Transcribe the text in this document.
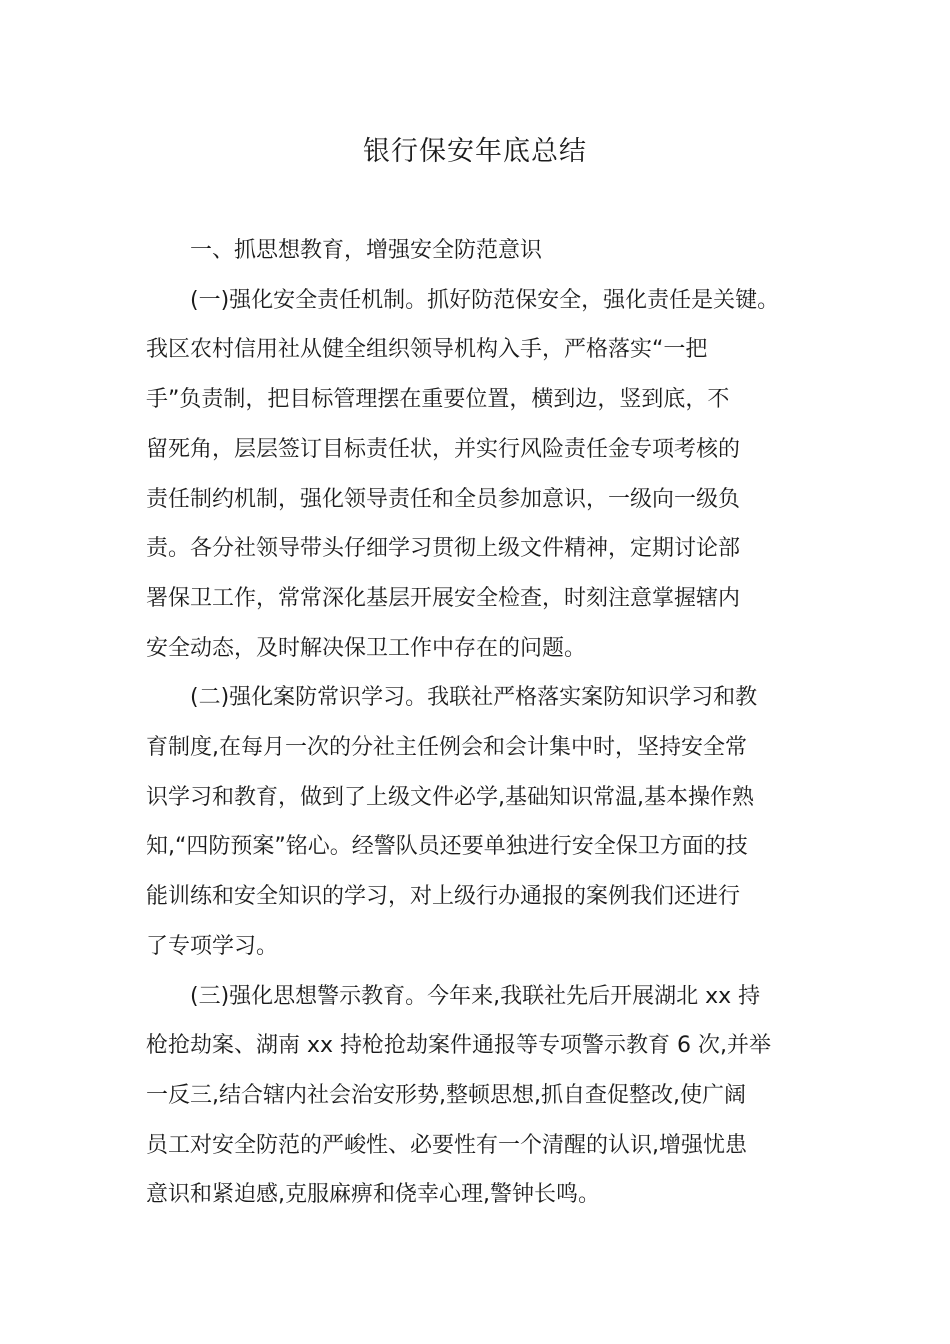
银行保安年底总结

一、抓思想教育，增强安全防范意识

(一)强化安全责任机制。抓好防范保安全，强化责任是关键。
我区农村信用社从健全组织领导机构入手，严格落实“一把
手”负责制，把目标管理摆在重要位置，横到边，竖到底，不
留死角，层层签订目标责任状，并实行风险责任金专项考核的
责任制约机制，强化领导责任和全员参加意识，一级向一级负
责。各分社领导带头仔细学习贯彻上级文件精神，定期讨论部
署保卫工作，常常深化基层开展安全检查，时刻注意掌握辖内
安全动态，及时解决保卫工作中存在的问题。

(二)强化案防常识学习。我联社严格落实案防知识学习和教
育制度,在每月一次的分社主任例会和会计集中时，坚持安全常
识学习和教育，做到了上级文件必学,基础知识常温,基本操作熟
知,“四防预案”铭心。经警队员还要单独进行安全保卫方面的技
能训练和安全知识的学习，对上级行办通报的案例我们还进行
了专项学习。

(三)强化思想警示教育。今年来,我联社先后开展湖北 xx 持
枪抢劫案、湖南 xx 持枪抢劫案件通报等专项警示教育 6 次,并举
一反三,结合辖内社会治安形势,整顿思想,抓自查促整改,使广阔
员工对安全防范的严峻性、必要性有一个清醒的认识,增强忧患
意识和紧迫感,克服麻痹和侥幸心理,警钟长鸣。
